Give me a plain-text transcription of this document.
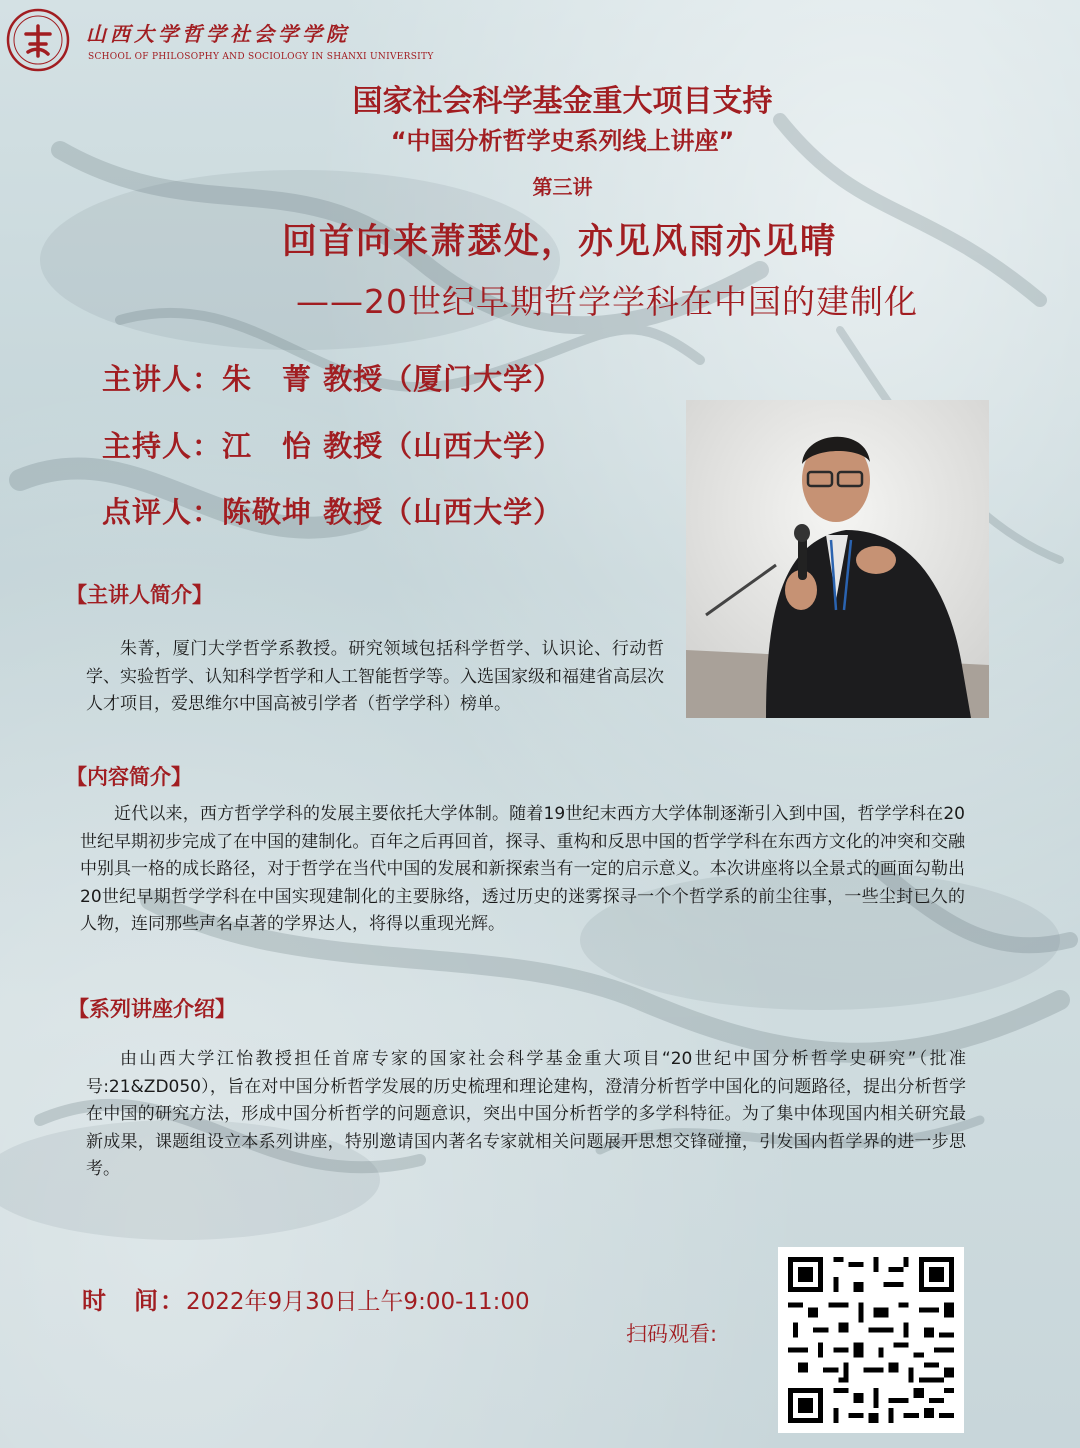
山西大学哲学社会学学院
SCHOOL OF PHILOSOPHY AND SOCIOLOGY IN SHANXI UNIVERSITY
国家社会科学基金重大项目支持
“中国分析哲学史系列线上讲座”
第三讲
回首向来萧瑟处，亦见风雨亦见晴
——20世纪早期哲学学科在中国的建制化
主讲人：朱　菁 教授（厦门大学）
主持人：江　怡 教授（山西大学）
点评人：陈敬坤 教授（山西大学）
【主讲人简介】
朱菁，厦门大学哲学系教授。研究领域包括科学哲学、认识论、行动哲学、实验哲学、认知科学哲学和人工智能哲学等。入选国家级和福建省高层次人才项目，爱思维尔中国高被引学者（哲学学科）榜单。
【内容简介】
近代以来，西方哲学学科的发展主要依托大学体制。随着19世纪末西方大学体制逐渐引入到中国，哲学学科在20世纪早期初步完成了在中国的建制化。百年之后再回首，探寻、重构和反思中国的哲学学科在东西方文化的冲突和交融中别具一格的成长路径，对于哲学在当代中国的发展和新探索当有一定的启示意义。本次讲座将以全景式的画面勾勒出20世纪早期哲学学科在中国实现建制化的主要脉络，透过历史的迷雾探寻一个个哲学系的前尘往事，一些尘封已久的人物，连同那些声名卓著的学界达人，将得以重现光辉。
【系列讲座介绍】
由山西大学江怡教授担任首席专家的国家社会科学基金重大项目“20世纪中国分析哲学史研究”（批准号:21&ZD050），旨在对中国分析哲学发展的历史梳理和理论建构，澄清分析哲学中国化的问题路径，提出分析哲学在中国的研究方法，形成中国分析哲学的问题意识，突出中国分析哲学的多学科特征。为了集中体现国内相关研究最新成果，课题组设立本系列讲座，特别邀请国内著名专家就相关问题展开思想交锋碰撞，引发国内哲学界的进一步思考。
时　间：2022年9月30日上午9:00-11:00
扫码观看:
